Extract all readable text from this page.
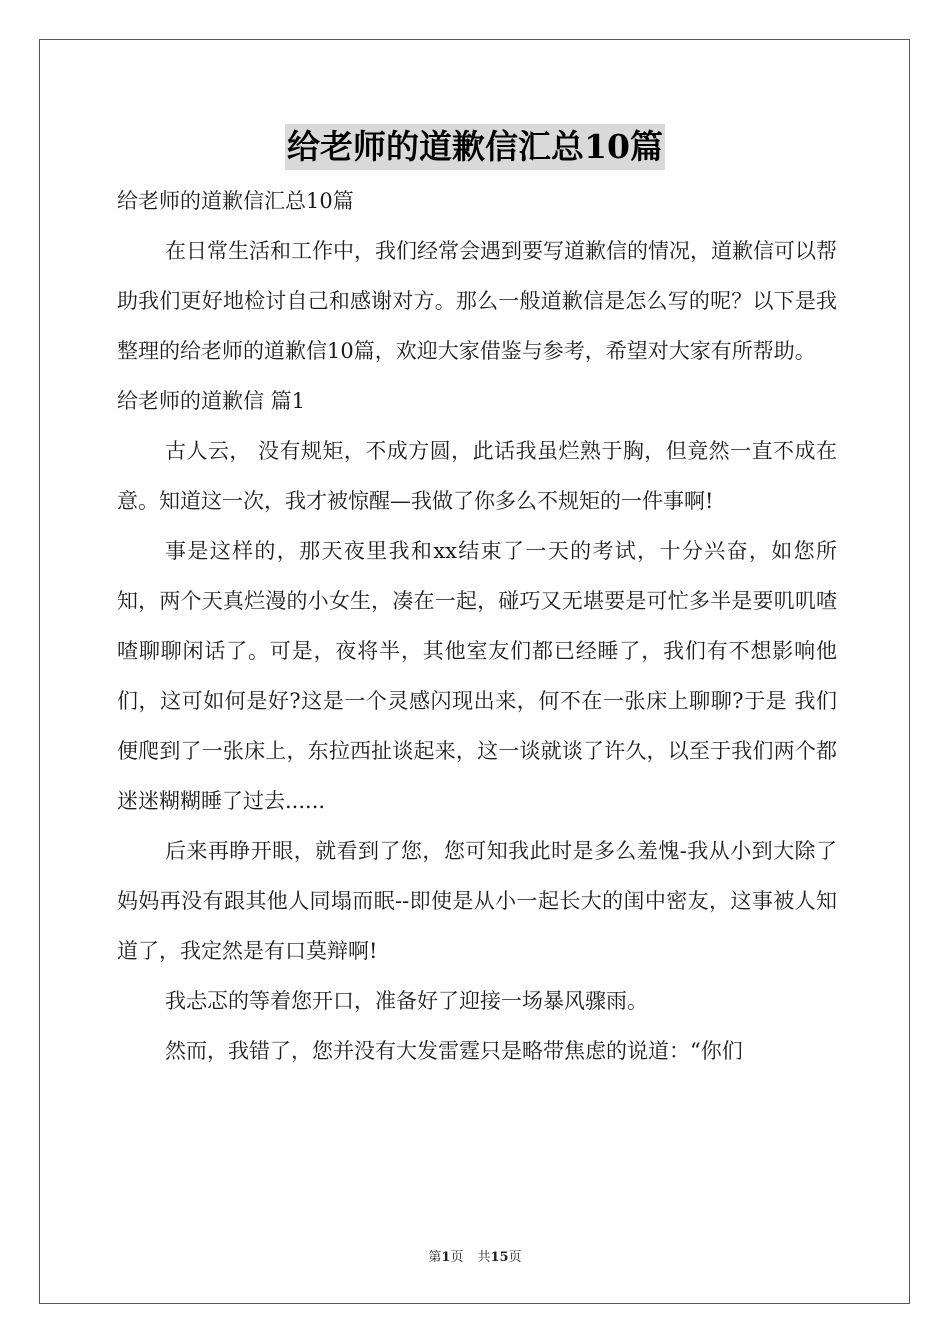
给老师的道歉信汇总10篇

给老师的道歉信汇总10篇

在日常生活和工作中，我们经常会遇到要写道歉信的情况，道歉信可以帮助我们更好地检讨自己和感谢对方。那么一般道歉信是怎么写的呢？以下是我整理的给老师的道歉信10篇，欢迎大家借鉴与参考，希望对大家有所帮助。

给老师的道歉信 篇1

古人云， 没有规矩，不成方圆，此话我虽烂熟于胸，但竟然一直不成在意。知道这一次，我才被惊醒—我做了你多么不规矩的一件事啊!

事是这样的，那天夜里我和xx结束了一天的考试，十分兴奋，如您所知，两个天真烂漫的小女生，凑在一起，碰巧又无堪要是可忙多半是要叽叽喳喳聊聊闲话了。可是，夜将半，其他室友们都已经睡了，我们有不想影响他们，这可如何是好?这是一个灵感闪现出来，何不在一张床上聊聊?于是 我们便爬到了一张床上，东拉西扯谈起来，这一谈就谈了许久，以至于我们两个都迷迷糊糊睡了过去......

后来再睁开眼，就看到了您，您可知我此时是多么羞愧-我从小到大除了妈妈再没有跟其他人同塌而眠--即使是从小一起长大的闺中密友，这事被人知道了，我定然是有口莫辩啊!

我忐忑的等着您开口，准备好了迎接一场暴风骤雨。

然而，我错了，您并没有大发雷霆只是略带焦虑的说道：“你们

第1页 共15页
